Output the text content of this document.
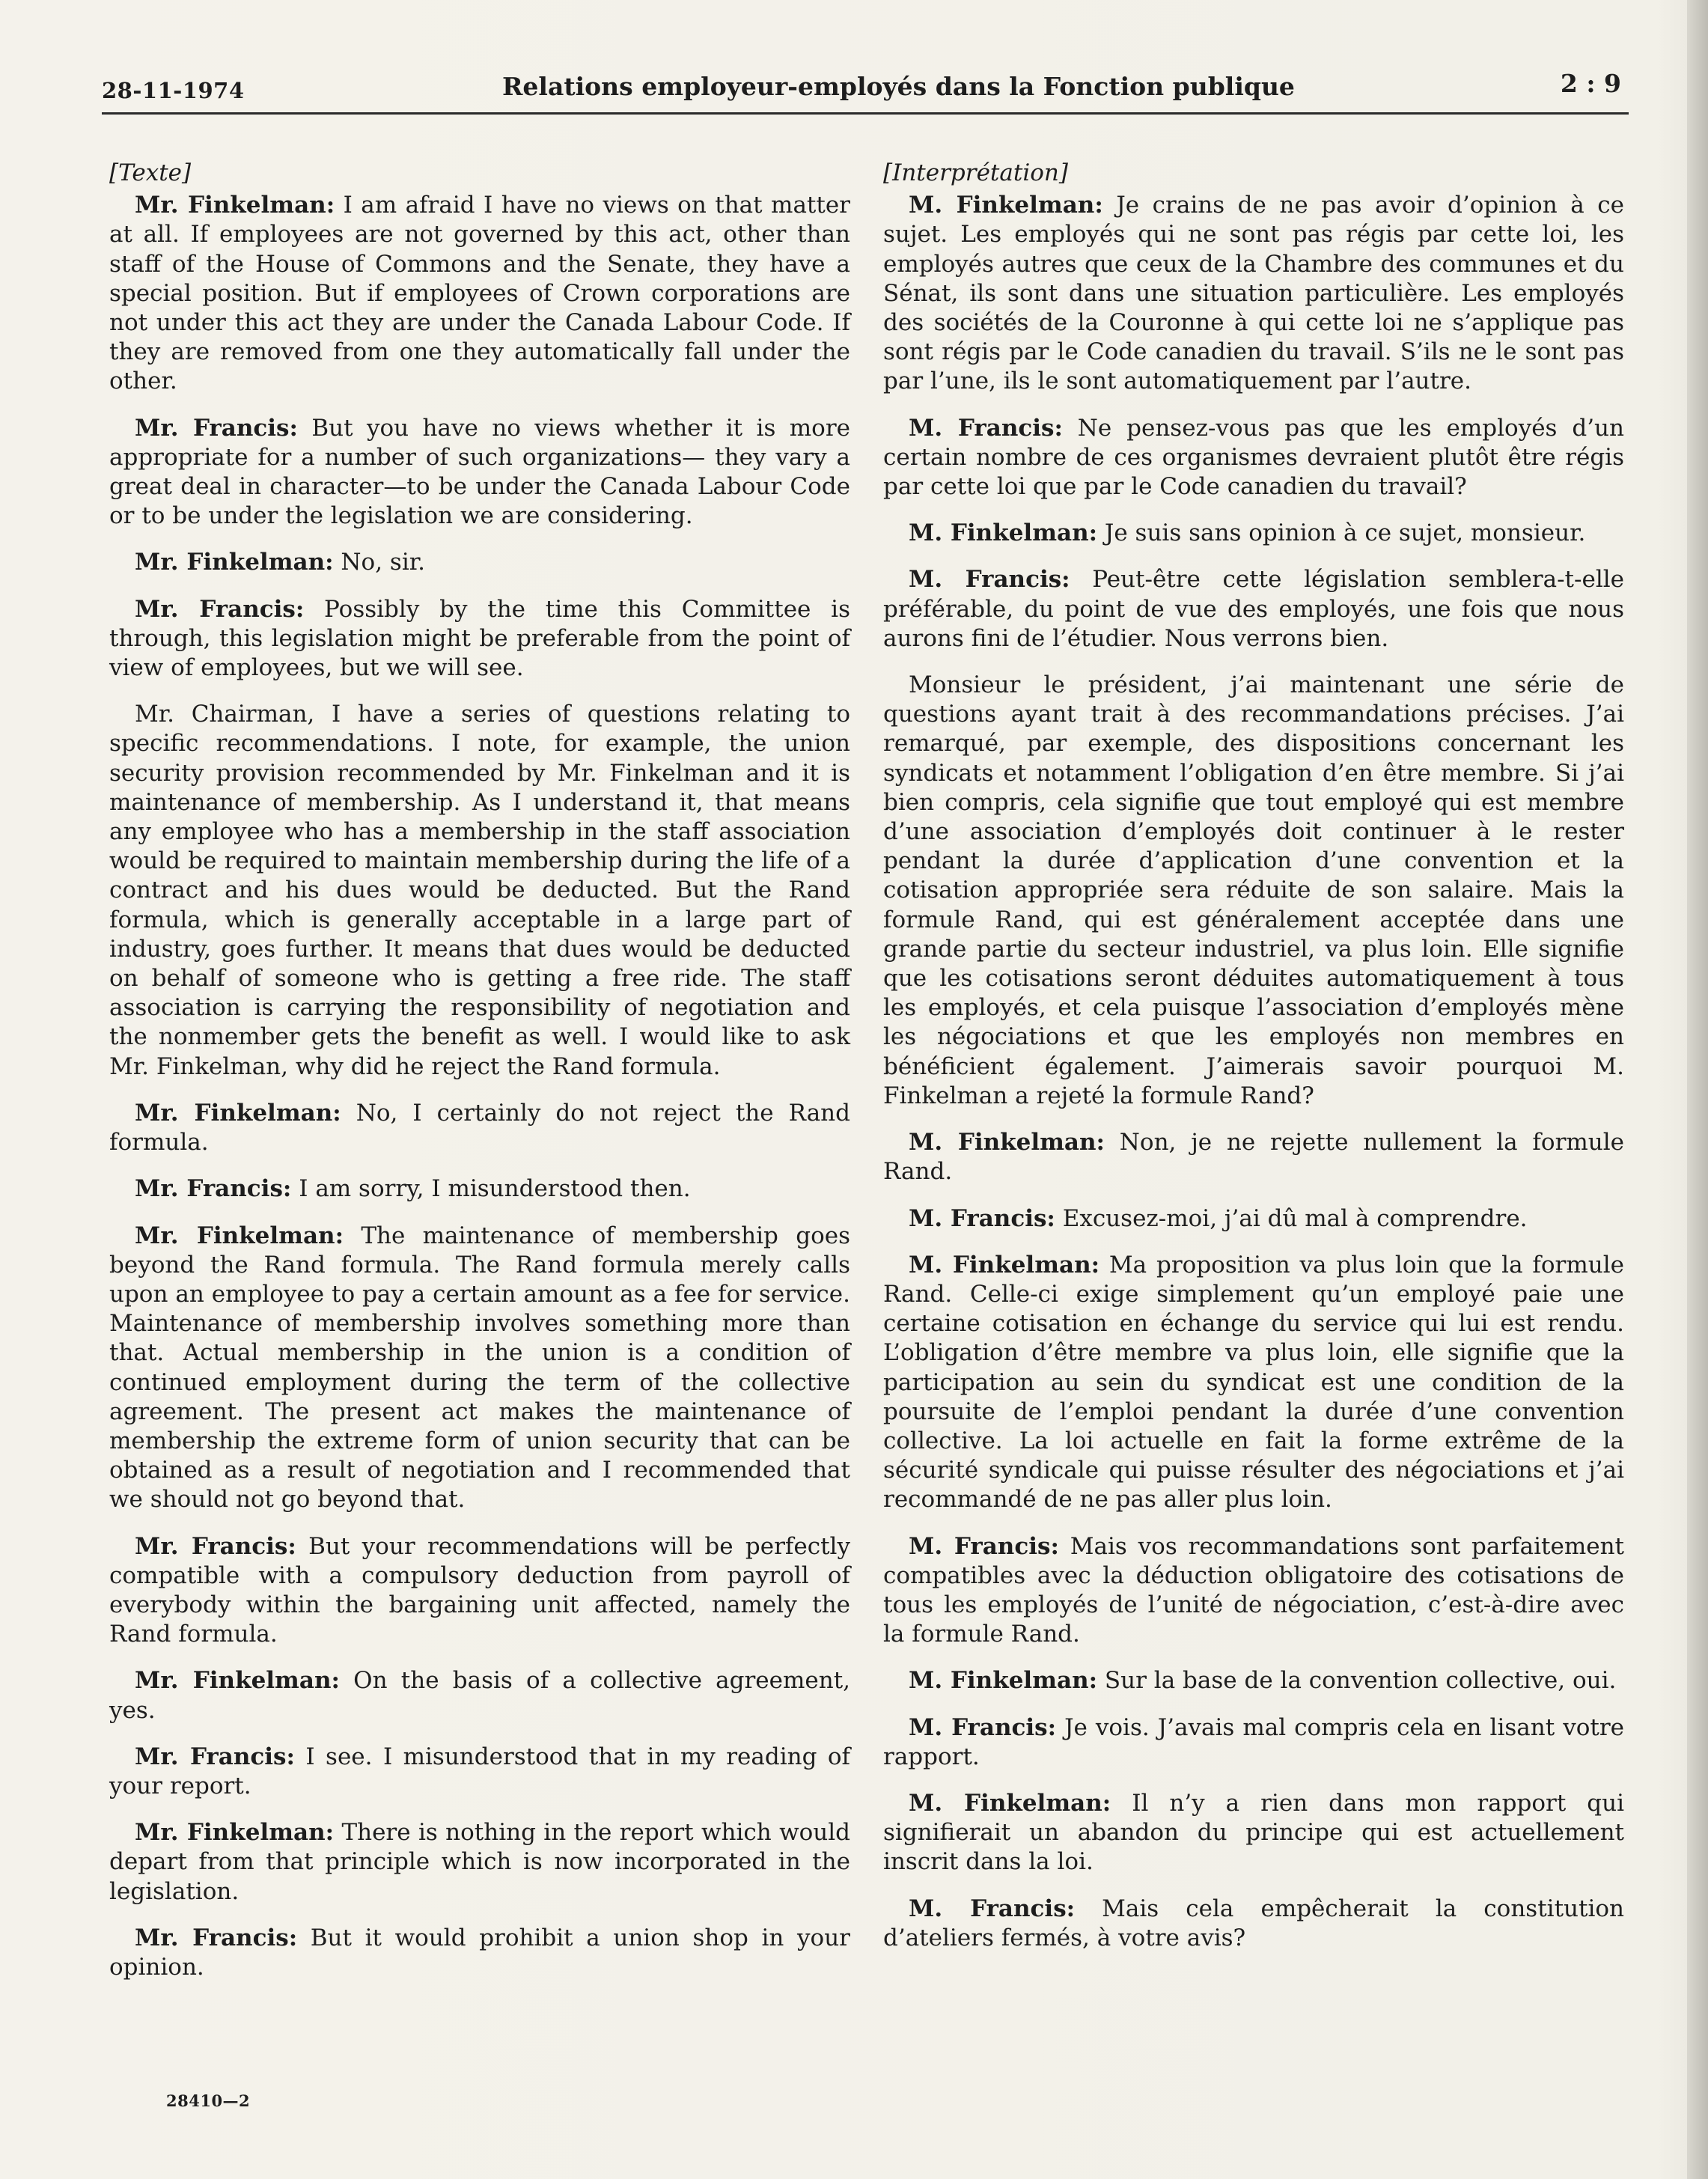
28-11-1974	Relations employeur-employés dans la Fonction publique	2 : 9

[Texte]

Mr. Finkelman: I am afraid I have no views on that matter at all. If employees are not governed by this act, other than staff of the House of Commons and the Senate, they have a special position. But if employees of Crown corporations are not under this act they are under the Canada Labour Code. If they are removed from one they automatically fall under the other.

Mr. Francis: But you have no views whether it is more appropriate for a number of such organizations— they vary a great deal in character—to be under the Canada Labour Code or to be under the legislation we are considering.

Mr. Finkelman: No, sir.

Mr. Francis: Possibly by the time this Committee is through, this legislation might be preferable from the point of view of employees, but we will see.

Mr. Chairman, I have a series of questions relating to specific recommendations. I note, for example, the union security provision recommended by Mr. Finkelman and it is maintenance of membership. As I understand it, that means any employee who has a membership in the staff association would be required to maintain membership during the life of a contract and his dues would be deducted. But the Rand formula, which is generally acceptable in a large part of industry, goes further. It means that dues would be deducted on behalf of someone who is getting a free ride. The staff association is carrying the responsibility of negotiation and the nonmember gets the benefit as well. I would like to ask Mr. Finkelman, why did he reject the Rand formula.

Mr. Finkelman: No, I certainly do not reject the Rand formula.

Mr. Francis: I am sorry, I misunderstood then.

Mr. Finkelman: The maintenance of membership goes beyond the Rand formula. The Rand formula merely calls upon an employee to pay a certain amount as a fee for service. Maintenance of membership involves something more than that. Actual membership in the union is a condition of continued employment during the term of the collective agreement. The present act makes the maintenance of membership the extreme form of union security that can be obtained as a result of negotiation and I recommended that we should not go beyond that.

Mr. Francis: But your recommendations will be perfectly compatible with a compulsory deduction from payroll of everybody within the bargaining unit affected, namely the Rand formula.

Mr. Finkelman: On the basis of a collective agreement, yes.

Mr. Francis: I see. I misunderstood that in my reading of your report.

Mr. Finkelman: There is nothing in the report which would depart from that principle which is now incorporated in the legislation.

Mr. Francis: But it would prohibit a union shop in your opinion.

[Interprétation]

M. Finkelman: Je crains de ne pas avoir d’opinion à ce sujet. Les employés qui ne sont pas régis par cette loi, les employés autres que ceux de la Chambre des communes et du Sénat, ils sont dans une situation particulière. Les employés des sociétés de la Couronne à qui cette loi ne s’applique pas sont régis par le Code canadien du travail. S’ils ne le sont pas par l’une, ils le sont automatiquement par l’autre.

M. Francis: Ne pensez-vous pas que les employés d’un certain nombre de ces organismes devraient plutôt être régis par cette loi que par le Code canadien du travail?

M. Finkelman: Je suis sans opinion à ce sujet, monsieur.

M. Francis: Peut-être cette législation semblera-t-elle préférable, du point de vue des employés, une fois que nous aurons fini de l’étudier. Nous verrons bien.

Monsieur le président, j’ai maintenant une série de questions ayant trait à des recommandations précises. J’ai remarqué, par exemple, des dispositions concernant les syndicats et notamment l’obligation d’en être membre. Si j’ai bien compris, cela signifie que tout employé qui est membre d’une association d’employés doit continuer à le rester pendant la durée d’application d’une convention et la cotisation appropriée sera réduite de son salaire. Mais la formule Rand, qui est généralement acceptée dans une grande partie du secteur industriel, va plus loin. Elle signifie que les cotisations seront déduites automatiquement à tous les employés, et cela puisque l’association d’employés mène les négociations et que les employés non membres en bénéficient également. J’aimerais savoir pourquoi M. Finkelman a rejeté la formule Rand?

M. Finkelman: Non, je ne rejette nullement la formule Rand.

M. Francis: Excusez-moi, j’ai dû mal à comprendre.

M. Finkelman: Ma proposition va plus loin que la formule Rand. Celle-ci exige simplement qu’un employé paie une certaine cotisation en échange du service qui lui est rendu. L’obligation d’être membre va plus loin, elle signifie que la participation au sein du syndicat est une condition de la poursuite de l’emploi pendant la durée d’une convention collective. La loi actuelle en fait la forme extrême de la sécurité syndicale qui puisse résulter des négociations et j’ai recommandé de ne pas aller plus loin.

M. Francis: Mais vos recommandations sont parfaitement compatibles avec la déduction obligatoire des cotisations de tous les employés de l’unité de négociation, c’est-à-dire avec la formule Rand.

M. Finkelman: Sur la base de la convention collective, oui.

M. Francis: Je vois. J’avais mal compris cela en lisant votre rapport.

M. Finkelman: Il n’y a rien dans mon rapport qui signifierait un abandon du principe qui est actuellement inscrit dans la loi.

M. Francis: Mais cela empêcherait la constitution d’ateliers fermés, à votre avis?

28410—2
